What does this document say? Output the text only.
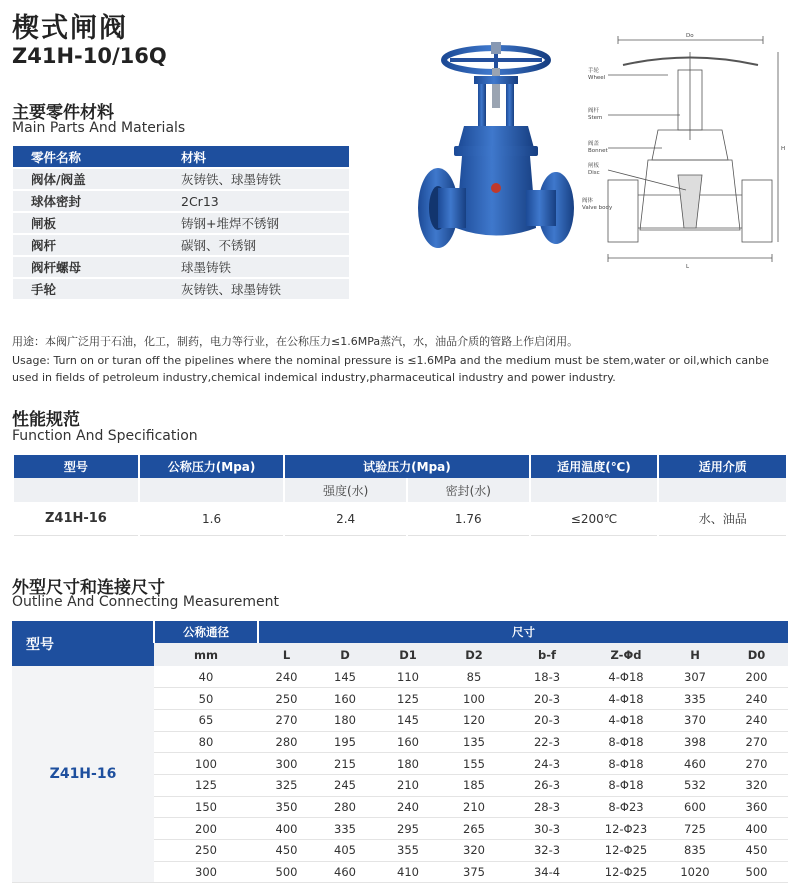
楔式闸阀
Z41H-10/16Q
主要零件材料
Main Parts And Materials
零件名称	材料
阀体/阀盖	灰铸铁、球墨铸铁
球体密封	2Cr13
闸板	铸钢+堆焊不锈钢
阀杆	碳钢、不锈钢
阀杆螺母	球墨铸铁
手轮	灰铸铁、球墨铸铁
手轮
Wheel
阀杆
Stem
阀盖
Bonnet
闸板
Disc
阀体
Valve body
Do
H
L
用途：本阀广泛用于石油，化工，制药，电力等行业，在公称压力≤1.6MPa蒸汽，水，油品介质的管路上作启闭用。
Usage: Turn on or turan off the pipelines where the nominal pressure is ≤1.6MPa and the medium must be stem,water or oil,which canbe used in fields of petroleum industry,chemical indemical industry,pharmaceutical industry and power industry.
性能规范
Function And Specification
型号	公称压力(Mpa)	试验压力(Mpa)		适用温度(℃)	适用介质
		强度(水)	密封(水)		
Z41H-16	1.6	2.4	1.76	≤200℃	水、油品
外型尺寸和连接尺寸
Outline And Connecting Measurement
型号	公称通径	尺寸							
	mm	L	D	D1	D2	b-f	Z-Φd	H	D0
Z41H-16	40	240	145	110	85	18-3	4-Φ18	307	200
	50	250	160	125	100	20-3	4-Φ18	335	240
	65	270	180	145	120	20-3	4-Φ18	370	240
	80	280	195	160	135	22-3	8-Φ18	398	270
	100	300	215	180	155	24-3	8-Φ18	460	270
	125	325	245	210	185	26-3	8-Φ18	532	320
	150	350	280	240	210	28-3	8-Φ23	600	360
	200	400	335	295	265	30-3	12-Φ23	725	400
	250	450	405	355	320	32-3	12-Φ25	835	450
	300	500	460	410	375	34-4	12-Φ25	1020	500
